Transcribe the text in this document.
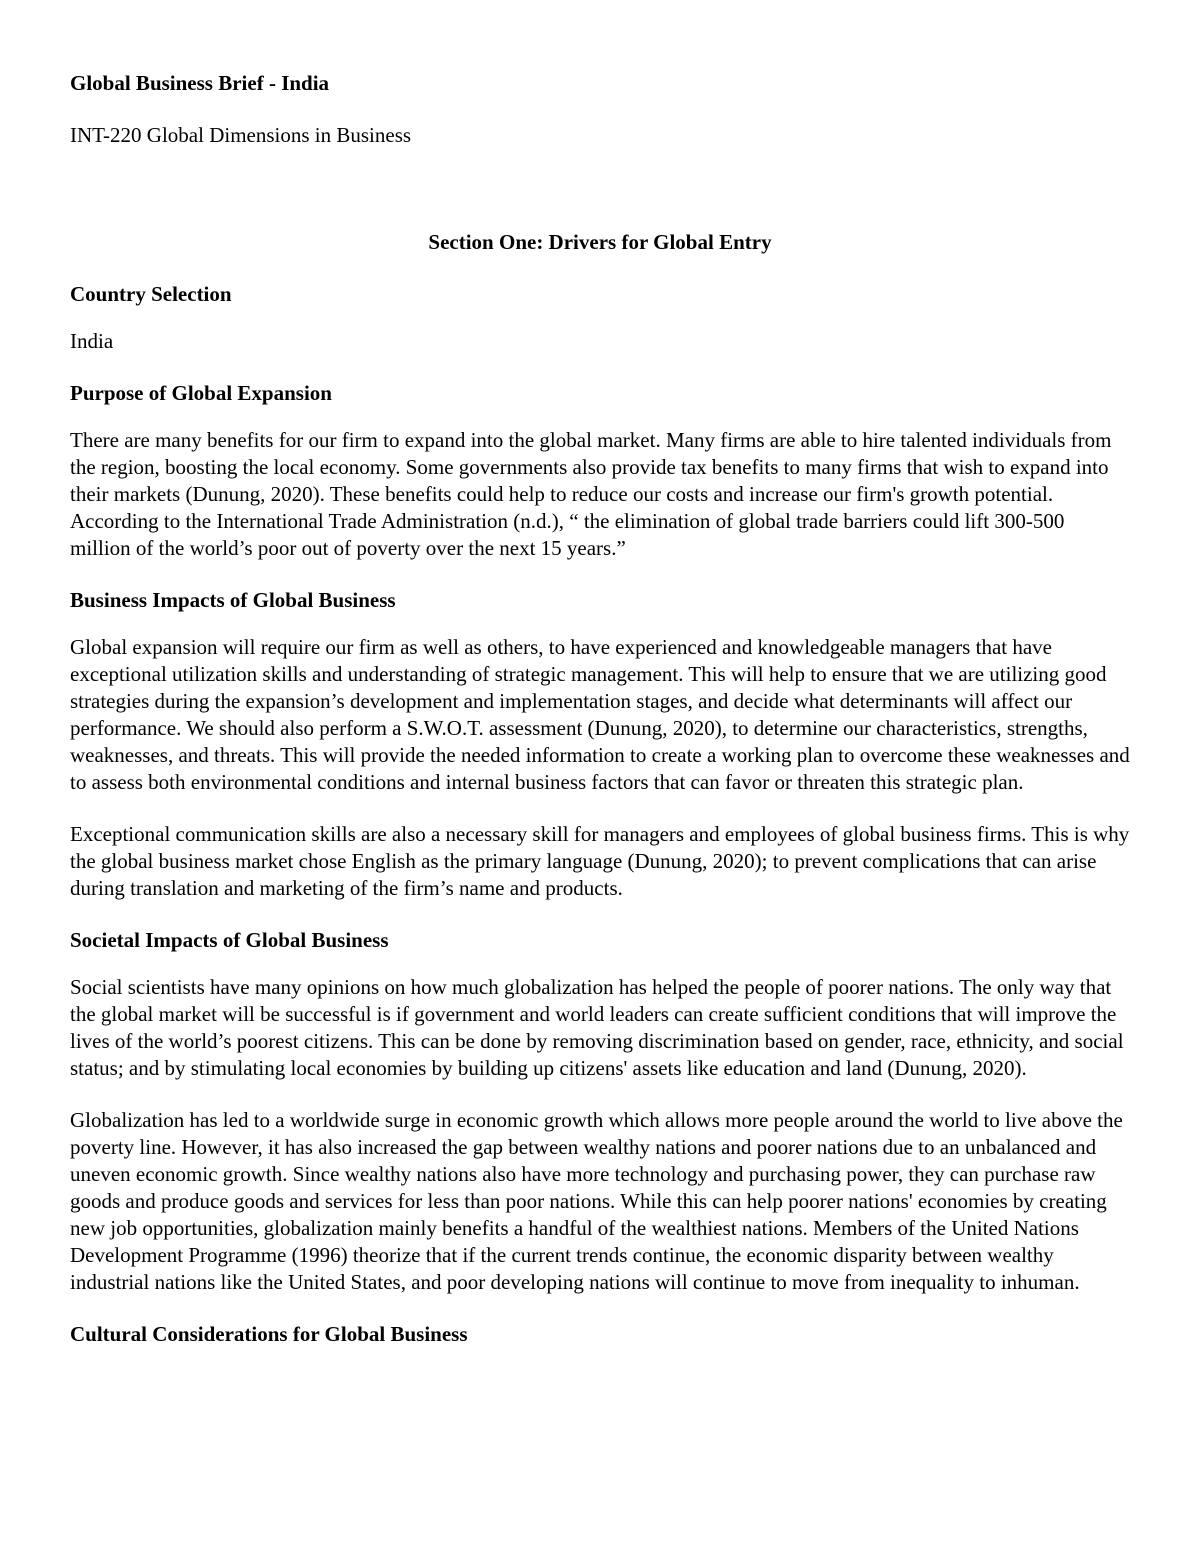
Global Business Brief - India
INT-220 Global Dimensions in Business
Section One: Drivers for Global Entry
Country Selection
India
Purpose of Global Expansion

There are many benefits for our firm to expand into the global market. Many firms are able to hire talented individuals from the region, boosting the local economy. Some governments also provide tax benefits to many firms that wish to expand into their markets (Dunung, 2020). These benefits could help to reduce our costs and increase our firm's growth potential. According to the International Trade Administration (n.d.), “ the elimination of global trade barriers could lift 300-500 million of the world’s poor out of poverty over the next 15 years.”

Business Impacts of Global Business

Global expansion will require our firm as well as others, to have experienced and knowledgeable managers that have exceptional utilization skills and understanding of strategic management. This will help to ensure that we are utilizing good strategies during the expansion’s development and implementation stages, and decide what determinants will affect our performance. We should also perform a S.W.O.T. assessment (Dunung, 2020), to determine our characteristics, strengths, weaknesses, and threats. This will provide the needed information to create a working plan to overcome these weaknesses and to assess both environmental conditions and internal business factors that can favor or threaten this strategic plan.

Exceptional communication skills are also a necessary skill for managers and employees of global business firms. This is why the global business market chose English as the primary language (Dunung, 2020); to prevent complications that can arise during translation and marketing of the firm’s name and products.

Societal Impacts of Global Business

Social scientists have many opinions on how much globalization has helped the people of poorer nations. The only way that the global market will be successful is if government and world leaders can create sufficient conditions that will improve the lives of the world’s poorest citizens. This can be done by removing discrimination based on gender, race, ethnicity, and social status; and by stimulating local economies by building up citizens' assets like education and land (Dunung, 2020).

Globalization has led to a worldwide surge in economic growth which allows more people around the world to live above the poverty line. However, it has also increased the gap between wealthy nations and poorer nations due to an unbalanced and uneven economic growth. Since wealthy nations also have more technology and purchasing power, they can purchase raw goods and produce goods and services for less than poor nations. While this can help poorer nations' economies by creating new job opportunities, globalization mainly benefits a handful of the wealthiest nations. Members of the United Nations Development Programme (1996) theorize that if the current trends continue, the economic disparity between wealthy industrial nations like the United States, and poor developing nations will continue to move from inequality to inhuman.

Cultural Considerations for Global Business
